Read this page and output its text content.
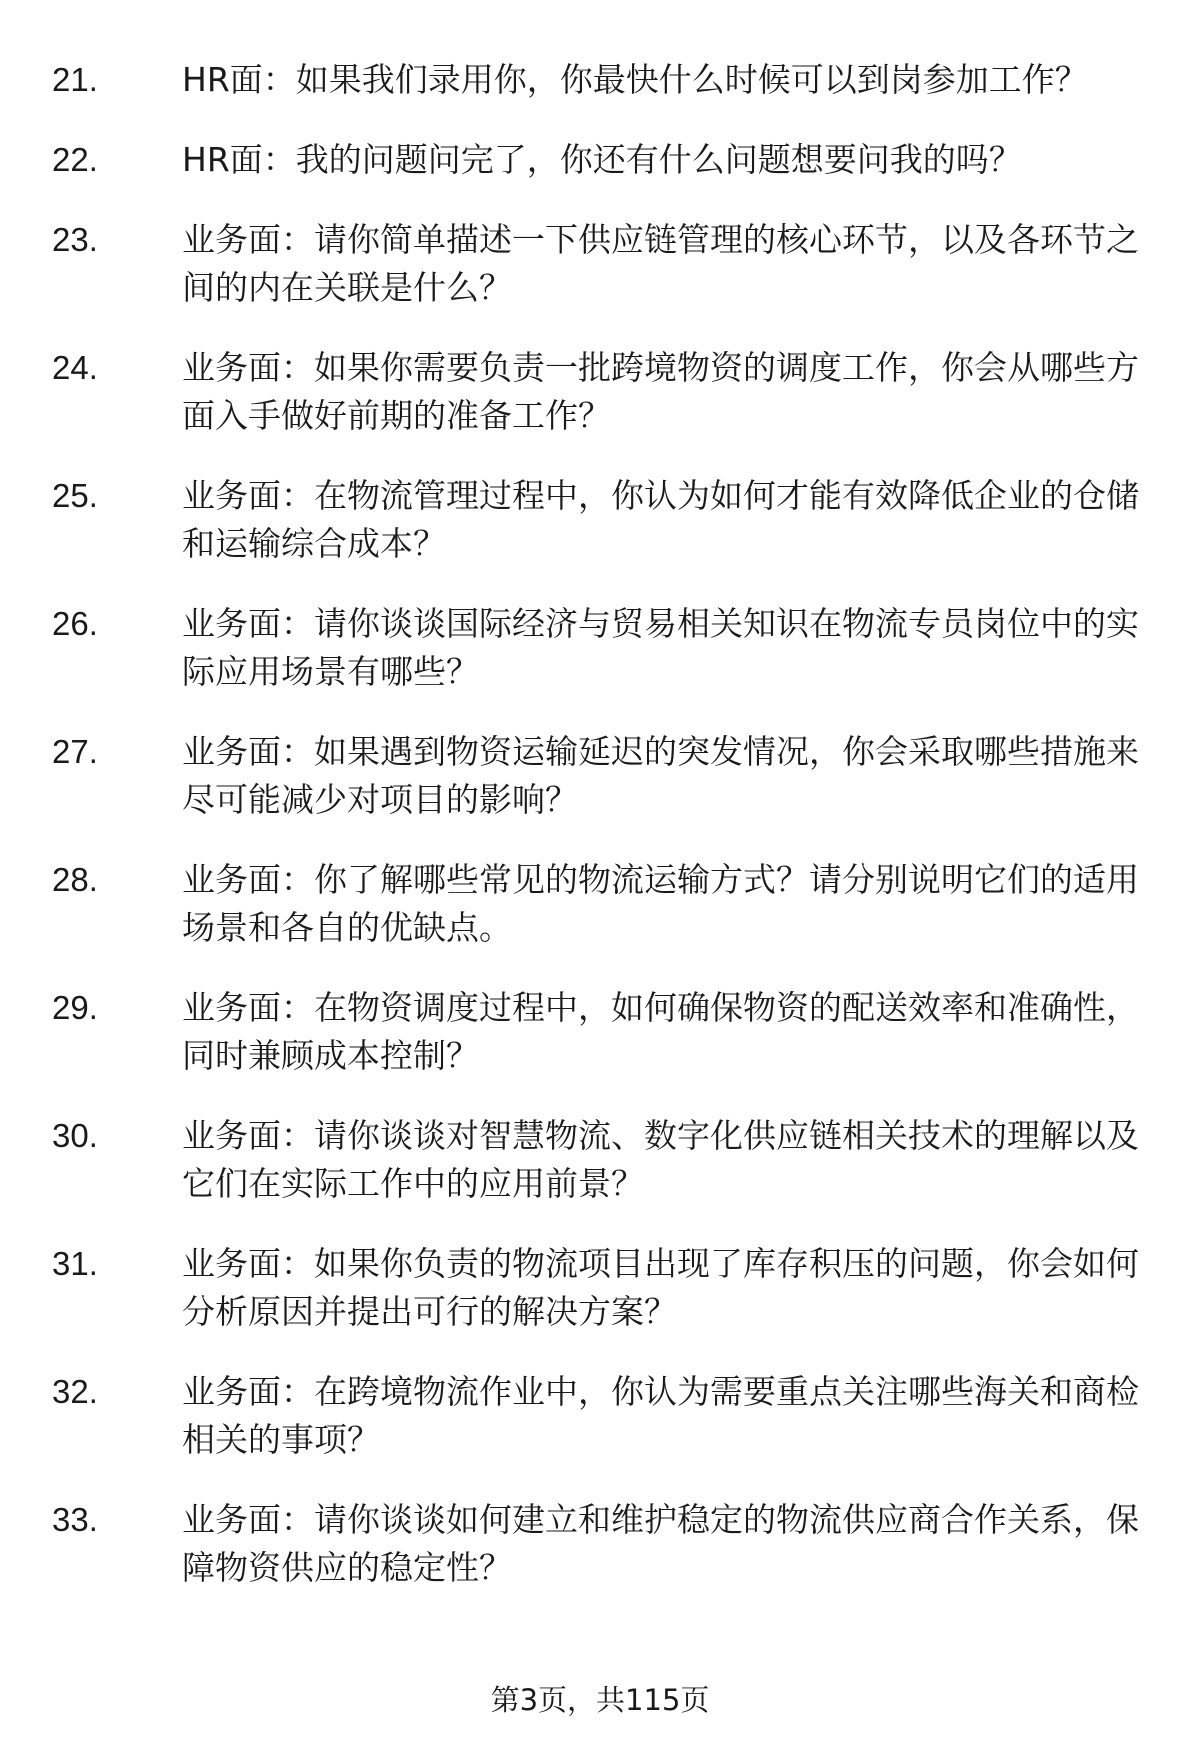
21.	HR面：如果我们录用你，你最快什么时候可以到岗参加工作？
22.	HR面：我的问题问完了，你还有什么问题想要问我的吗？
23.	业务面：请你简单描述一下供应链管理的核心环节，以及各环节之间的内在关联是什么？
24.	业务面：如果你需要负责一批跨境物资的调度工作，你会从哪些方面入手做好前期的准备工作？
25.	业务面：在物流管理过程中，你认为如何才能有效降低企业的仓储和运输综合成本？
26.	业务面：请你谈谈国际经济与贸易相关知识在物流专员岗位中的实际应用场景有哪些？
27.	业务面：如果遇到物资运输延迟的突发情况，你会采取哪些措施来尽可能减少对项目的影响？
28.	业务面：你了解哪些常见的物流运输方式？请分别说明它们的适用场景和各自的优缺点。
29.	业务面：在物资调度过程中，如何确保物资的配送效率和准确性，同时兼顾成本控制？
30.	业务面：请你谈谈对智慧物流、数字化供应链相关技术的理解以及它们在实际工作中的应用前景？
31.	业务面：如果你负责的物流项目出现了库存积压的问题，你会如何分析原因并提出可行的解决方案？
32.	业务面：在跨境物流作业中，你认为需要重点关注哪些海关和商检相关的事项？
33.	业务面：请你谈谈如何建立和维护稳定的物流供应商合作关系，保障物资供应的稳定性？
第3页，共115页
